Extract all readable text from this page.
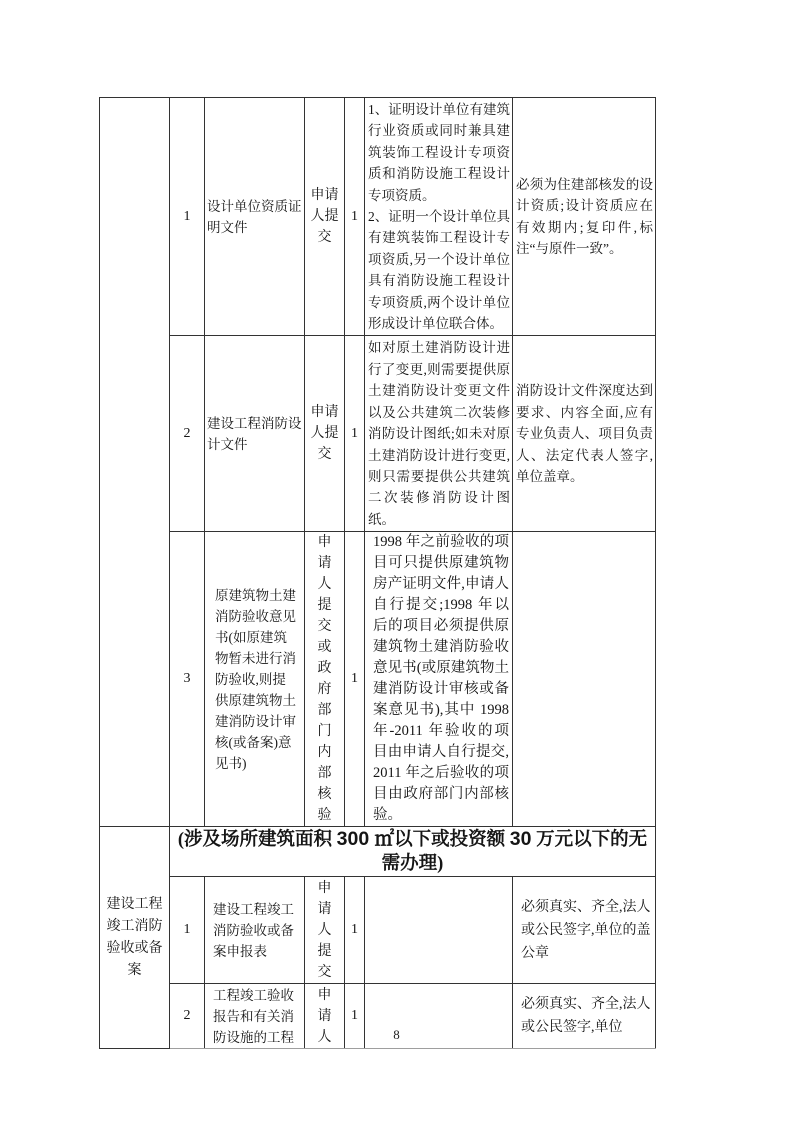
	1	设计单位资质证明文件	申请人提交	1	1、证明设计单位有建筑行业资质或同时兼具建筑装饰工程设计专项资质和消防设施工程设计专项资质。
2、证明一个设计单位具有建筑装饰工程设计专项资质,另一个设计单位具有消防设施工程设计专项资质,两个设计单位形成设计单位联合体。	必须为住建部核发的设计资质;设计资质应在有效期内;复印件,标注“与原件一致”。
	2	建设工程消防设计文件	申请人提交	1	如对原土建消防设计进行了变更,则需要提供原土建消防设计变更文件以及公共建筑二次装修消防设计图纸;如未对原土建消防设计进行变更,则只需要提供公共建筑二次装修消防设计图纸。	消防设计文件深度达到要求、内容全面,应有专业负责人、项目负责人、法定代表人签字,单位盖章。
	3	原建筑物土建消防验收意见书(如原建筑物暂未进行消防验收,则提供原建筑物土建消防设计审核(或备案)意见书)	申请人提交或政府部门内部核验	1	1998 年之前验收的项目可只提供原建筑物房产证明文件,申请人自行提交;1998 年以后的项目必须提供原建筑物土建消防验收意见书(或原建筑物土建消防设计审核或备案意见书),其中 1998 年-2011 年验收的项目由申请人自行提交,2011 年之后验收的项目由政府部门内部核验。	
建设工程竣工消防验收或备案	(涉及场所建筑面积 300 ㎡以下或投资额 30 万元以下的无需办理)					
	1	建设工程竣工消防验收或备案申报表	申请人提交	1		必须真实、齐全,法人或公民签字,单位的盖公章
	2	工程竣工验收报告和有关消防设施的工程	申请人	1		必须真实、齐全,法人或公民签字,单位
8
